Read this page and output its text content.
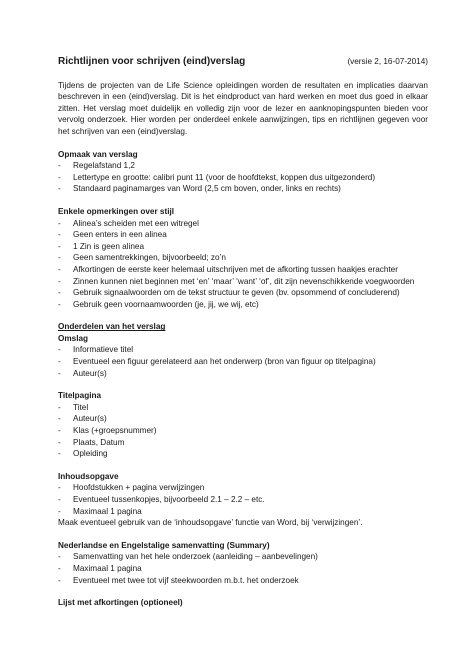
Richtlijnen voor schrijven (eind)verslag	(versie 2, 16-07-2014)

Tijdens de projecten van de Life Science opleidingen worden de resultaten en implicaties daarvan beschreven in een (eind)verslag. Dit is het eindproduct van hard werken en moet dus goed in elkaar zitten. Het verslag moet duidelijk en volledig zijn voor de lezer en aanknopingspunten bieden voor vervolg onderzoek. Hier worden per onderdeel enkele aanwijzingen, tips en richtlijnen gegeven voor het schrijven van een (eind)verslag.

Opmaak van verslag

- Regelafstand 1,2
- Lettertype en grootte: calibri punt 11 (voor de hoofdtekst, koppen dus uitgezonderd)
- Standaard paginamarges van Word (2,5 cm boven, onder, links en rechts)

Enkele opmerkingen over stijl

- Alinea’s scheiden met een witregel
- Geen enters in een alinea
- 1 Zin is geen alinea
- Geen samentrekkingen, bijvoorbeeld; zo’n
- Afkortingen de eerste keer helemaal uitschrijven met de afkorting tussen haakjes erachter
- Zinnen kunnen niet beginnen met ‘en’ ‘maar’ ‘want’ ‘of’, dit zijn nevenschikkende voegwoorden
- Gebruik signaalwoorden om de tekst structuur te geven (bv. opsommend of concluderend)
- Gebruik geen voornaamwoorden (je, jij, we wij, etc)

Onderdelen van het verslag

Omslag

- Informatieve titel
- Eventueel een figuur gerelateerd aan het onderwerp (bron van figuur op titelpagina)
- Auteur(s)

Titelpagina

- Titel
- Auteur(s)
- Klas (+groepsnummer)
- Plaats, Datum
- Opleiding

Inhoudsopgave

- Hoofdstukken + pagina verwijzingen
- Eventueel tussenkopjes, bijvoorbeeld 2.1 – 2.2 – etc.
- Maximaal 1 pagina

Maak eventueel gebruik van de ‘inhoudsopgave’ functie van Word, bij ‘verwijzingen’.

Nederlandse en Engelstalige samenvatting (Summary)

- Samenvatting van het hele onderzoek (aanleiding – aanbevelingen)
- Maximaal 1 pagina
- Eventueel met twee tot vijf steekwoorden m.b.t. het onderzoek

Lijst met afkortingen (optioneel)
